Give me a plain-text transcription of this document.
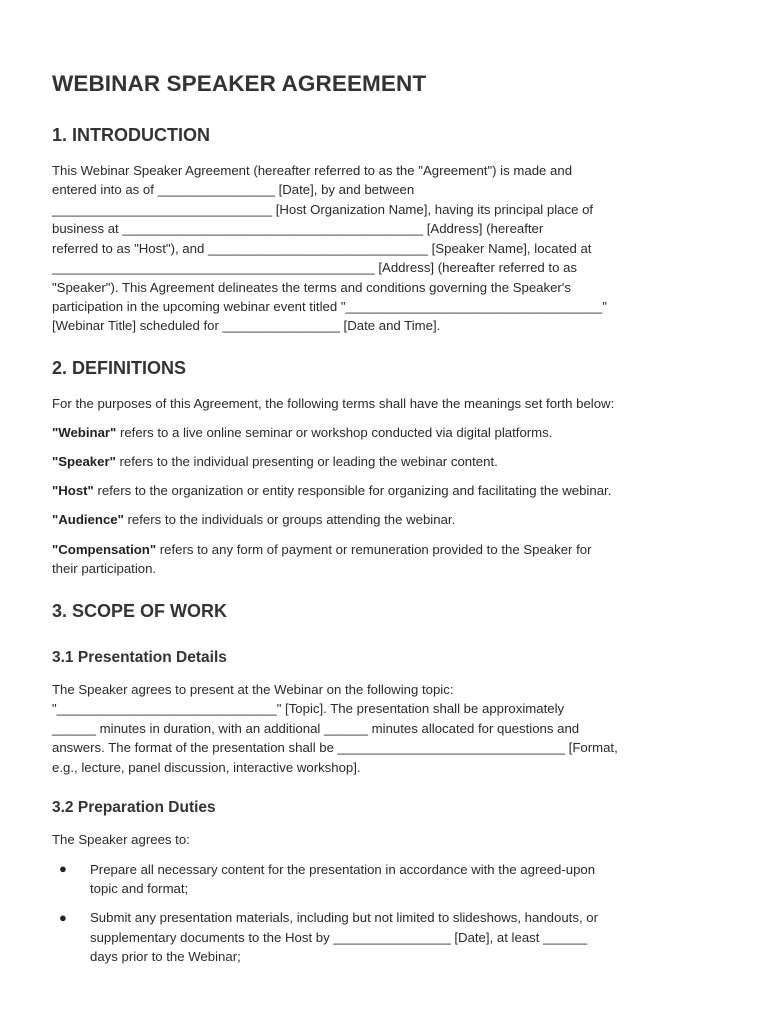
WEBINAR SPEAKER AGREEMENT
1. INTRODUCTION
This Webinar Speaker Agreement (hereafter referred to as the "Agreement") is made and
entered into as of ________________ [Date], by and between
______________________________ [Host Organization Name], having its principal place of
business at _________________________________________ [Address] (hereafter
referred to as "Host"), and ______________________________ [Speaker Name], located at
____________________________________________ [Address] (hereafter referred to as
"Speaker"). This Agreement delineates the terms and conditions governing the Speaker's
participation in the upcoming webinar event titled "___________________________________"
[Webinar Title] scheduled for ________________ [Date and Time].
2. DEFINITIONS
For the purposes of this Agreement, the following terms shall have the meanings set forth below:
"Webinar" refers to a live online seminar or workshop conducted via digital platforms.
"Speaker" refers to the individual presenting or leading the webinar content.
"Host" refers to the organization or entity responsible for organizing and facilitating the webinar.
"Audience" refers to the individuals or groups attending the webinar.
"Compensation" refers to any form of payment or remuneration provided to the Speaker for
their participation.
3. SCOPE OF WORK
3.1 Presentation Details
The Speaker agrees to present at the Webinar on the following topic:
"______________________________" [Topic]. The presentation shall be approximately
______ minutes in duration, with an additional ______ minutes allocated for questions and
answers. The format of the presentation shall be _______________________________ [Format,
e.g., lecture, panel discussion, interactive workshop].
3.2 Preparation Duties
The Speaker agrees to:
● Prepare all necessary content for the presentation in accordance with the agreed-upon
topic and format;
● Submit any presentation materials, including but not limited to slideshows, handouts, or
supplementary documents to the Host by ________________ [Date], at least ______
days prior to the Webinar;
